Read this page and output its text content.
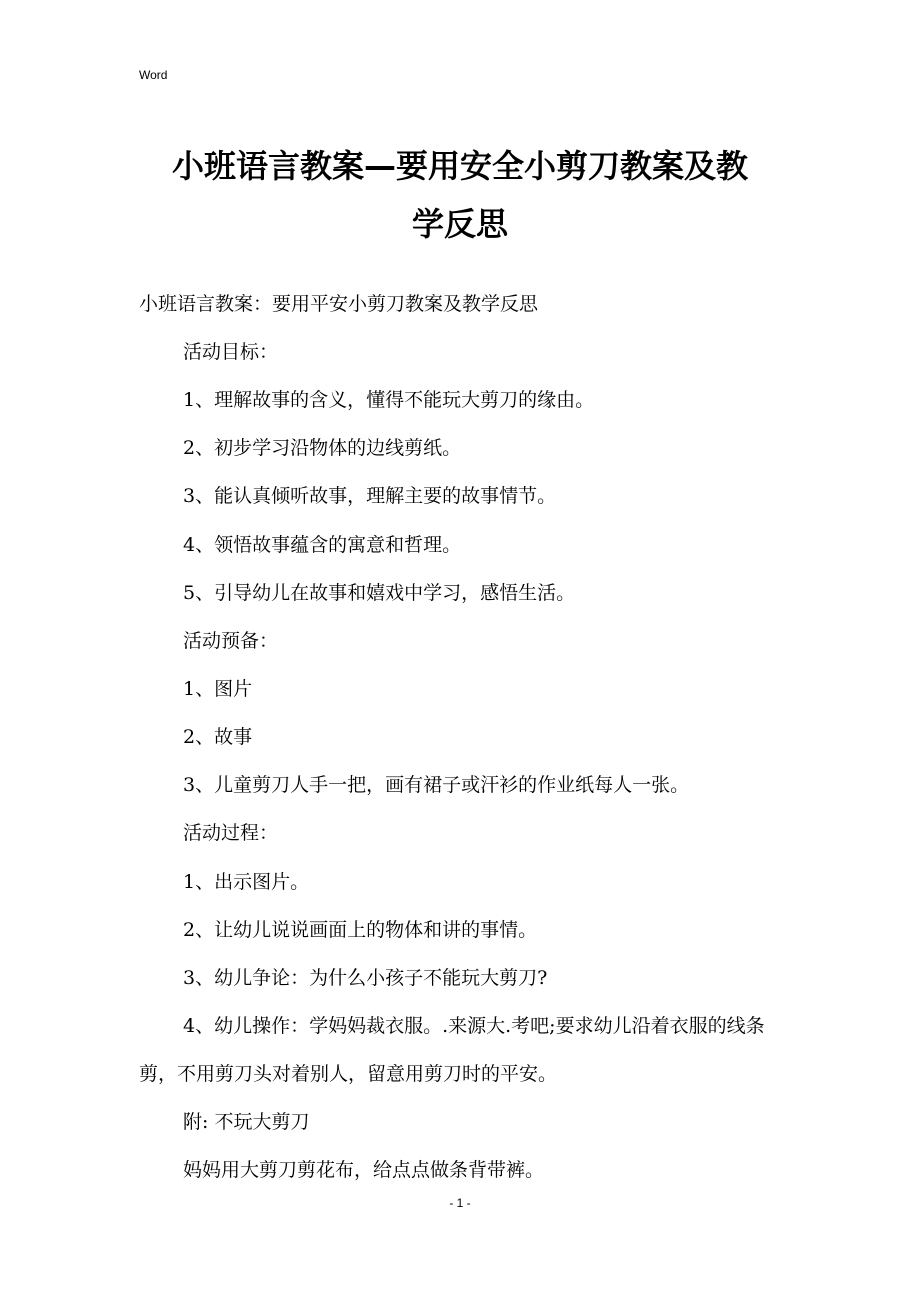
Word
小班语言教案—要用安全小剪刀教案及教
学反思

小班语言教案：要用平安小剪刀教案及教学反思

活动目标：

1、理解故事的含义，懂得不能玩大剪刀的缘由。

2、初步学习沿物体的边线剪纸。

3、能认真倾听故事，理解主要的故事情节。

4、领悟故事蕴含的寓意和哲理。

5、引导幼儿在故事和嬉戏中学习，感悟生活。

活动预备：

1、图片

2、故事

3、儿童剪刀人手一把，画有裙子或汗衫的作业纸每人一张。

活动过程：

1、出示图片。

2、让幼儿说说画面上的物体和讲的事情。

3、幼儿争论：为什么小孩子不能玩大剪刀?

4、幼儿操作：学妈妈裁衣服。.来源大.考吧;要求幼儿沿着衣服的线条剪，不用剪刀头对着别人，留意用剪刀时的平安。

附: 不玩大剪刀

妈妈用大剪刀剪花布，给点点做条背带裤。

- 1 -
